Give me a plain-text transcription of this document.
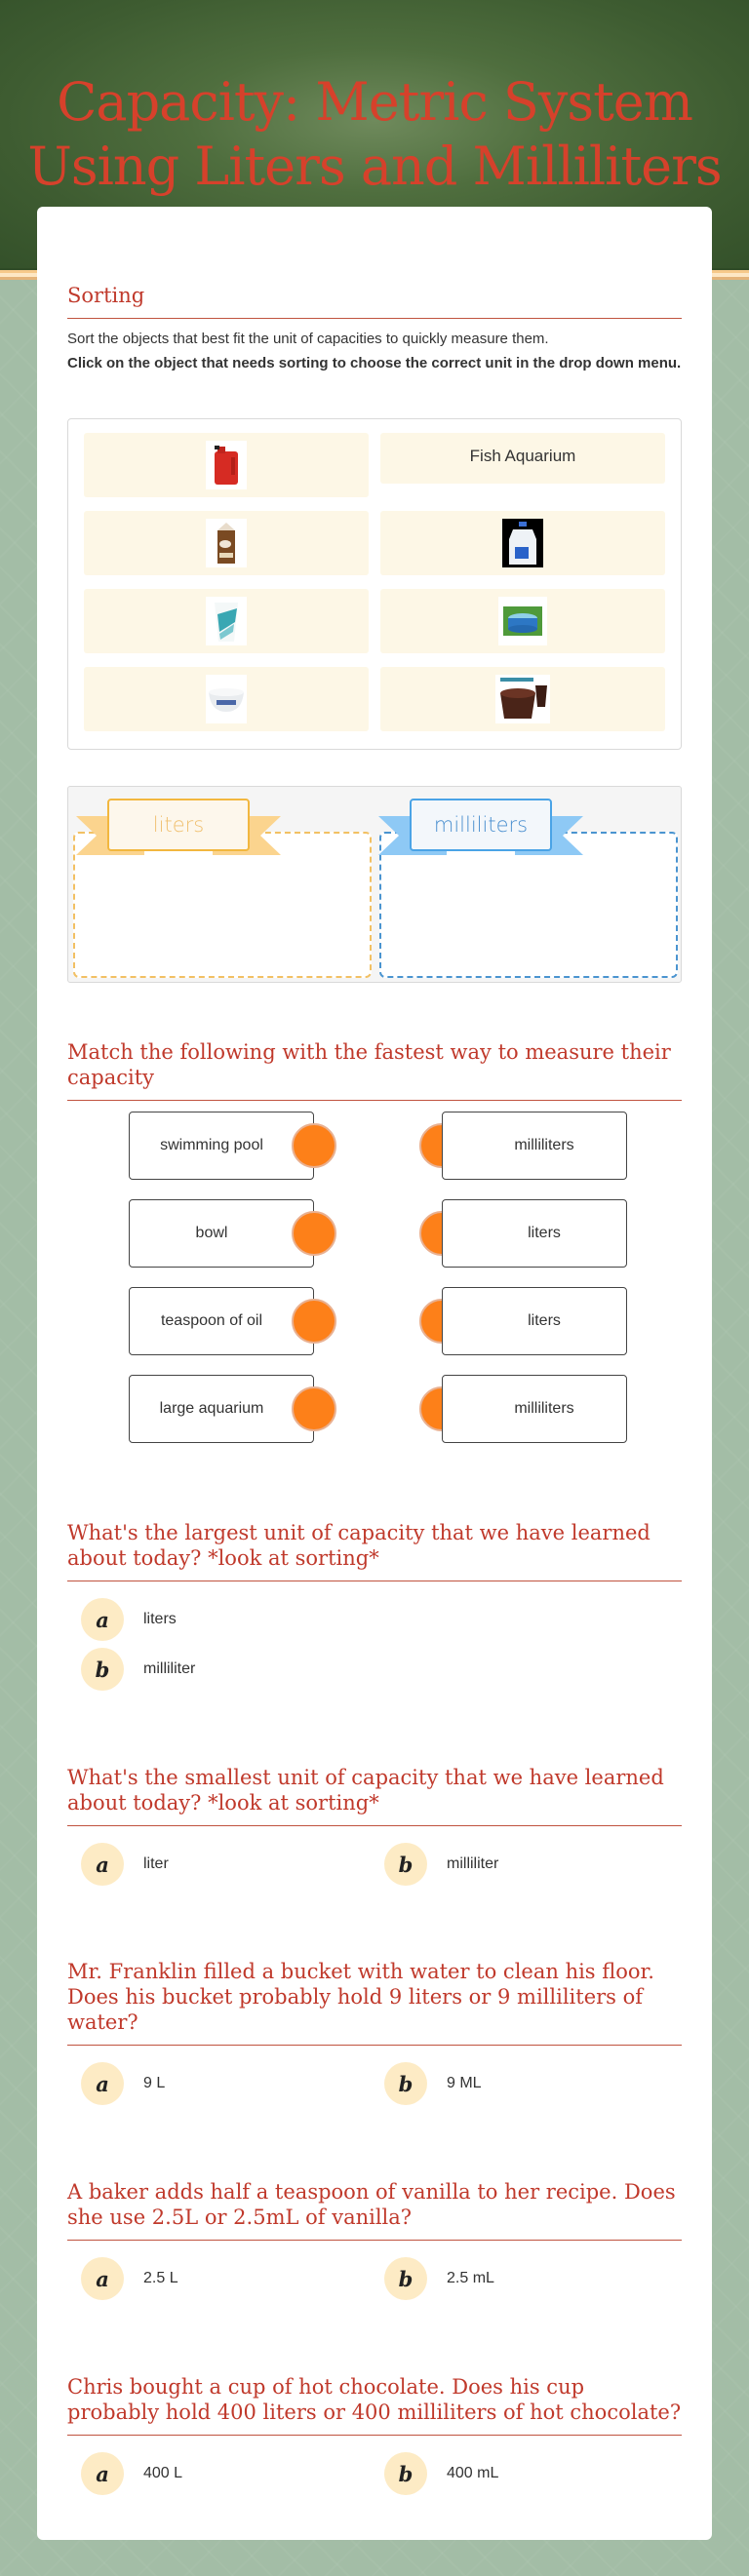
Capacity: Metric System Using Liters and Milliliters
Sorting
Sort the objects that best fit the unit of capacities to quickly measure them.
Click on the object that needs sorting to choose the correct unit in the drop down menu.
Fish Aquarium
liters	milliliters
Match the following with the fastest way to measure their capacity
swimming pool	milliliters
bowl	liters
teaspoon of oil	liters
large aquarium	milliliters
What's the largest unit of capacity that we have learned about today? *look at sorting*
a	liters
b	milliliter
What's the smallest unit of capacity that we have learned about today? *look at sorting*
a	liter	b	milliliter
Mr. Franklin filled a bucket with water to clean his floor. Does his bucket probably hold 9 liters or 9 milliliters of water?
a	9 L	b	9 ML
A baker adds half a teaspoon of vanilla to her recipe. Does she use 2.5L or 2.5mL of vanilla?
a	2.5 L	b	2.5 mL
Chris bought a cup of hot chocolate. Does his cup probably hold 400 liters or 400 milliliters of hot chocolate?
a	400 L	b	400 mL
